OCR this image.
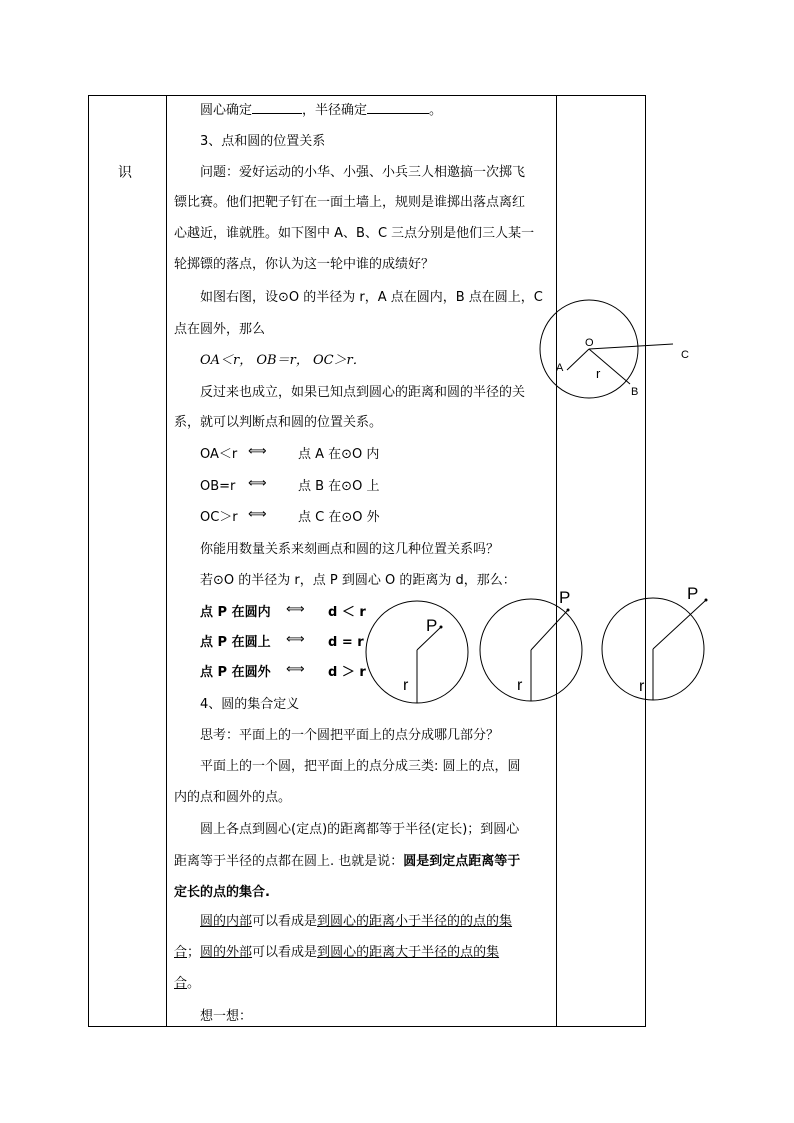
识
圆心确定	，半径确定	。
3、点和圆的位置关系
问题：爱好运动的小华、小强、小兵三人相邀搞一次掷飞
镖比赛。他们把靶子钉在一面土墙上，规则是谁掷出落点离红
心越近，谁就胜。如下图中 A、B、C 三点分别是他们三人某一
轮掷镖的落点，你认为这一轮中谁的成绩好？
如图右图，设⊙O 的半径为 r，A 点在圆内，B 点在圆上，C
点在圆外，那么
OA＜r， OB＝r， OC＞r．
反过来也成立，如果已知点到圆心的距离和圆的半径的关
系，就可以判断点和圆的位置关系。
OA＜r ⟺ 点 A 在⊙O 内
OB=r ⟺ 点 B 在⊙O 上
OC＞r ⟺ 点 C 在⊙O 外
你能用数量关系来刻画点和圆的这几种位置关系吗？
若⊙O 的半径为 r，点 P 到圆心 O 的距离为 d，那么：
点 P 在圆内 ⟺ d ＜ r
点 P 在圆上 ⟺ d = r
点 P 在圆外 ⟺ d ＞ r
4、圆的集合定义
思考：平面上的一个圆把平面上的点分成哪几部分？
平面上的一个圆，把平面上的点分成三类: 圆上的点，圆
内的点和圆外的点。
圆上各点到圆心(定点)的距离都等于半径(定长)；到圆心
距离等于半径的点都在圆上. 也就是说：圆是到定点距离等于
定长的点的集合.
圆的内部可以看成是到圆心的距离小于半径的的点的集
合；圆的外部可以看成是到圆心的距离大于半径的点的集
合。
想一想：
O
A
B
C
r
P
r
P
r
P
r
